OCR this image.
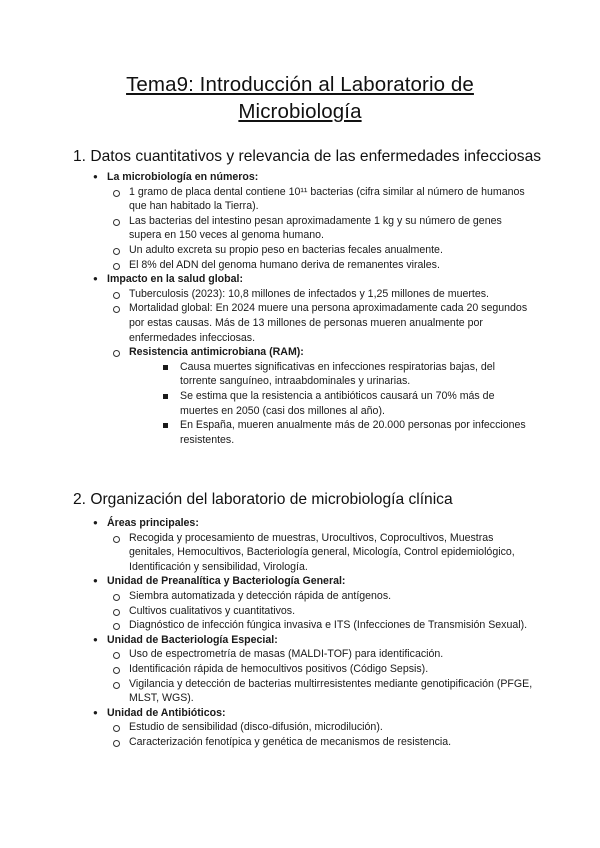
Tema9: Introducción al Laboratorio de
Microbiología
1. Datos cuantitativos y relevancia de las enfermedades infecciosas
● La microbiología en números:
1 gramo de placa dental contiene 10¹¹ bacterias (cifra similar al número de humanos que han habitado la Tierra).
Las bacterias del intestino pesan aproximadamente 1 kg y su número de genes supera en 150 veces al genoma humano.
Un adulto excreta su propio peso en bacterias fecales anualmente.
El 8% del ADN del genoma humano deriva de remanentes virales.
● Impacto en la salud global:
Tuberculosis (2023): 10,8 millones de infectados y 1,25 millones de muertes.
Mortalidad global: En 2024 muere una persona aproximadamente cada 20 segundos por estas causas. Más de 13 millones de personas mueren anualmente por enfermedades infecciosas.
Resistencia antimicrobiana (RAM):
Causa muertes significativas en infecciones respiratorias bajas, del torrente sanguíneo, intraabdominales y urinarias.
Se estima que la resistencia a antibióticos causará un 70% más de muertes en 2050 (casi dos millones al año).
En España, mueren anualmente más de 20.000 personas por infecciones resistentes.
2. Organización del laboratorio de microbiología clínica
● Áreas principales:
Recogida y procesamiento de muestras, Urocultivos, Coprocultivos, Muestras genitales, Hemocultivos, Bacteriología general, Micología, Control epidemiológico, Identificación y sensibilidad, Virología.
● Unidad de Preanalítica y Bacteriología General:
Siembra automatizada y detección rápida de antígenos.
Cultivos cualitativos y cuantitativos.
Diagnóstico de infección fúngica invasiva e ITS (Infecciones de Transmisión Sexual).
● Unidad de Bacteriología Especial:
Uso de espectrometría de masas (MALDI-TOF) para identificación.
Identificación rápida de hemocultivos positivos (Código Sepsis).
Vigilancia y detección de bacterias multirresistentes mediante genotipificación (PFGE, MLST, WGS).
● Unidad de Antibióticos:
Estudio de sensibilidad (disco-difusión, microdilución).
Caracterización fenotípica y genética de mecanismos de resistencia.
